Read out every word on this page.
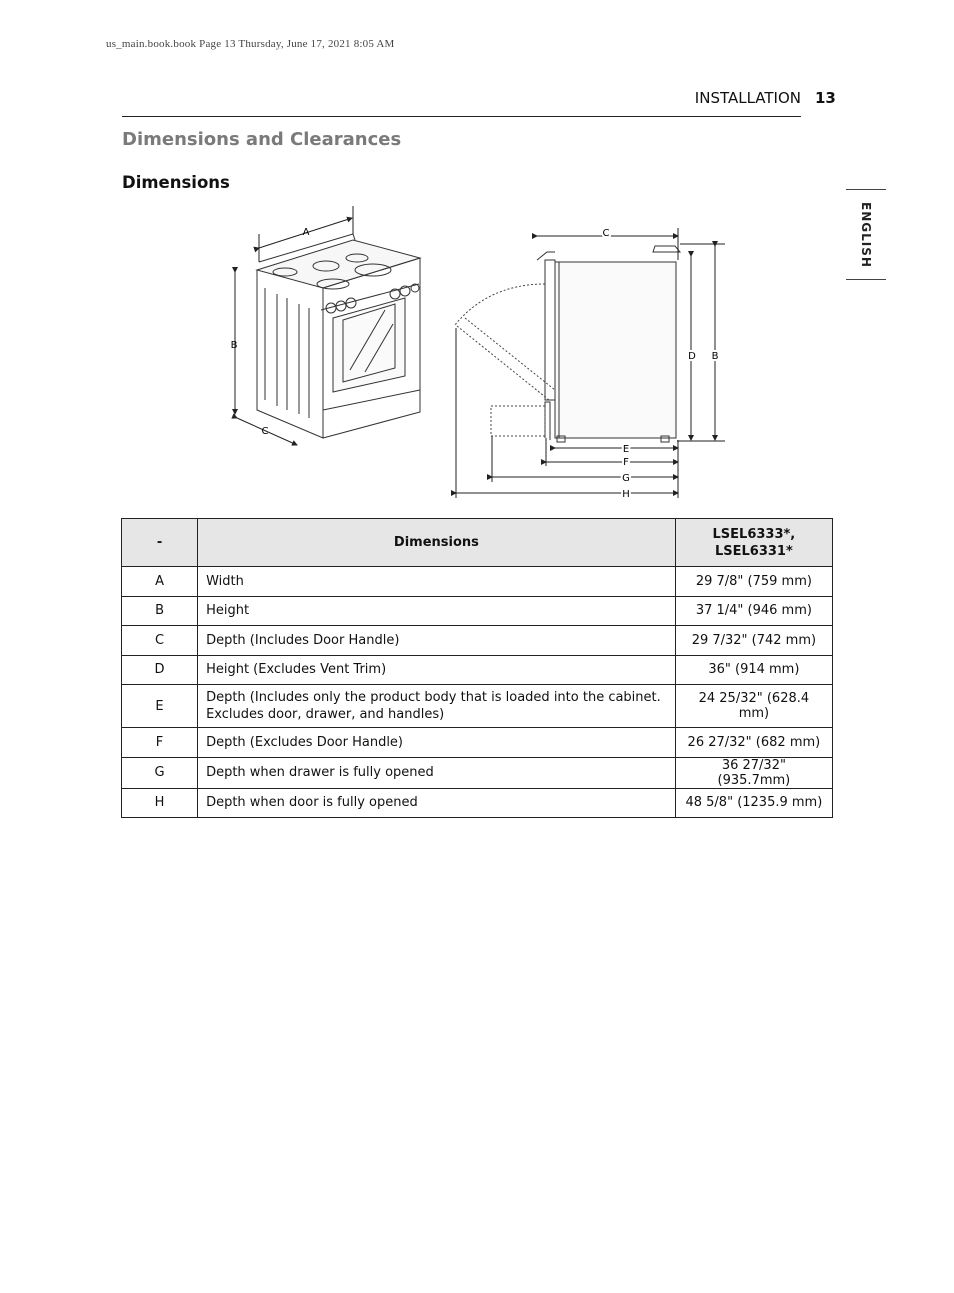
us_main.book.book Page 13 Thursday, June 17, 2021 8:05 AM
INSTALLATION 13
ENGLISH
Dimensions and Clearances
Dimensions
A
B
C
C
D B
E
F
G
H
-	Dimensions	LSEL6333*,
LSEL6331*
A	Width	29 7/8" (759 mm)
B	Height	37 1/4" (946 mm)
C	Depth (Includes Door Handle)	29 7/32" (742 mm)
D	Height (Excludes Vent Trim)	36" (914 mm)
E	Depth (Includes only the product body that is loaded into the cabinet.
Excludes door, drawer, and handles)	24 25/32" (628.4 mm)
F	Depth (Excludes Door Handle)	26 27/32" (682 mm)
G	Depth when drawer is fully opened	36 27/32" (935.7mm)
H	Depth when door is fully opened	48 5/8" (1235.9 mm)
